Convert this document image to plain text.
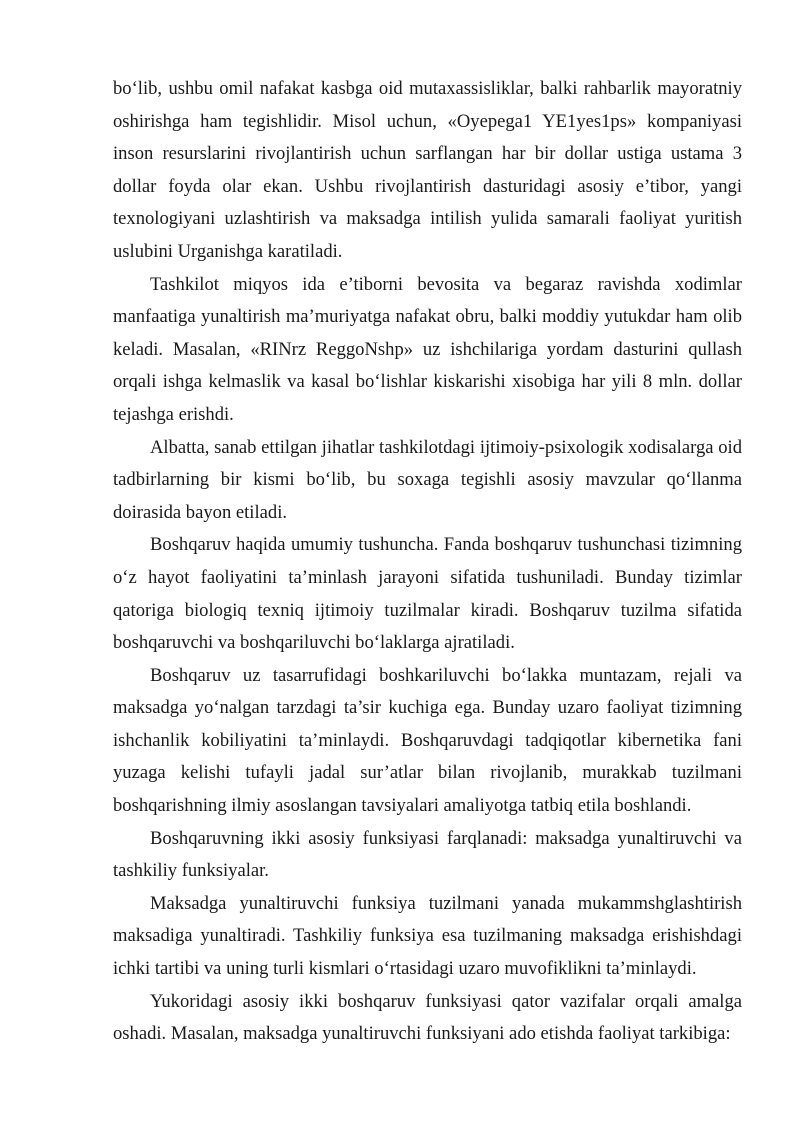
boʻlib, ushbu omil nafakat kasbga oid mutaxassisliklar, balki rahbarlik mayoratniy oshirishga ham tegishlidir. Misol uchun, «Oyepega1 YE1yes1ps» kompaniyasi inson resurslarini rivojlantirish uchun sarflangan har bir dollar ustiga ustama 3 dollar foyda olar ekan. Ushbu rivojlantirish dasturidagi asosiy e’tibor, yangi texnologiyani uzlashtirish va maksadga intilish yulida samarali faoliyat yuritish uslubini Urganishga karatiladi.

Tashkilot miqyos ida e’tiborni bevosita va begaraz ravishda xodimlar manfaatiga yunaltirish ma’muriyatga nafakat obru, balki moddiy yutukdar ham olib keladi. Masalan, «RINrz ReggoNshp» uz ishchilariga yordam dasturini qullash orqali ishga kelmaslik va kasal boʻlishlar kiskarishi xisobiga har yili 8 mln. dollar tejashga erishdi.

Albatta, sanab ettilgan jihatlar tashkilotdagi ijtimoiy-psixologik xodisalarga oid tadbirlarning bir kismi boʻlib, bu soxaga tegishli asosiy mavzular qoʻllanma doirasida bayon etiladi.

Boshqaruv haqida umumiy tushuncha. Fanda boshqaruv tushunchasi tizimning oʻz hayot faoliyatini ta’minlash jarayoni sifatida tushuniladi. Bunday tizimlar qatoriga biologiq texniq ijtimoiy tuzilmalar kiradi. Boshqaruv tuzilma sifatida boshqaruvchi va boshqariluvchi boʻlaklarga ajratiladi.

Boshqaruv uz tasarrufidagi boshkariluvchi boʻlakka muntazam, rejali va maksadga yoʻnalgan tarzdagi ta’sir kuchiga ega. Bunday uzaro faoliyat tizimning ishchanlik kobiliyatini ta’minlaydi. Boshqaruvdagi tadqiqotlar kibernetika fani yuzaga kelishi tufayli jadal sur’atlar bilan rivojlanib, murakkab tuzilmani boshqarishning ilmiy asoslangan tavsiyalari amaliyotga tatbiq etila boshlandi.

Boshqaruvning ikki asosiy funksiyasi farqlanadi: maksadga yunaltiruvchi va tashkiliy funksiyalar.

Maksadga yunaltiruvchi funksiya tuzilmani yanada mukammshglashtirish maksadiga yunaltiradi. Tashkiliy funksiya esa tuzilmaning maksadga erishishdagi ichki tartibi va uning turli kismlari oʻrtasidagi uzaro muvofiklikni ta’minlaydi.

Yukoridagi asosiy ikki boshqaruv funksiyasi qator vazifalar orqali amalga oshadi. Masalan, maksadga yunaltiruvchi funksiyani ado etishda faoliyat tarkibiga:
